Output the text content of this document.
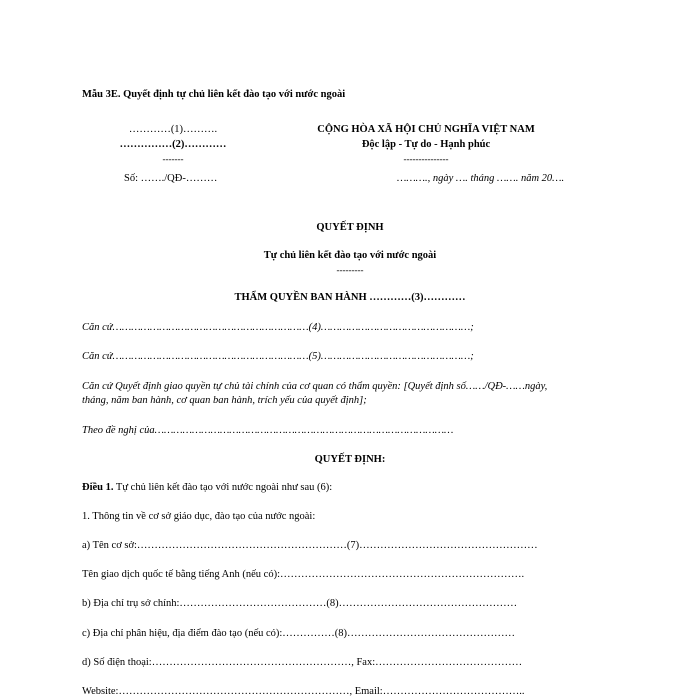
Mẫu 3E. Quyết định tự chủ liên kết đào tạo với nước ngoài
…………(1)……….
……………(2)…………
-------
Số: ……./QĐ-………
CỘNG HÒA XÃ HỘI CHỦ NGHĨA VIỆT NAM
Độc lập - Tự do - Hạnh phúc
---------------
………., ngày …. tháng ……. năm 20….
QUYẾT ĐỊNH
Tự chủ liên kết đào tạo với nước ngoài
---------
THẨM QUYỀN BAN HÀNH …………(3)…………
Căn cứ………………………………………………………(4)…………………………………………;
Căn cứ………………………………………………………(5)…………………………………………;
Căn cứ Quyết định giao quyền tự chủ tài chính của cơ quan có thẩm quyền: [Quyết định số……/QĐ-……ngày,
tháng, năm ban hành, cơ quan ban hành, trích yếu của quyết định];
Theo đề nghị của……………………………………………………………………………………
QUYẾT ĐỊNH:
Điều 1. Tự chủ liên kết đào tạo với nước ngoài như sau (6):
1. Thông tin về cơ sở giáo dục, đào tạo của nước ngoài:
a) Tên cơ sở:……………………………………………………(7)……………………………………………
Tên giao dịch quốc tế bằng tiếng Anh (nếu có):…………………………………………………………….
b) Địa chỉ trụ sở chính:……………………………………(8)……………………………………………
c) Địa chỉ phân hiệu, địa điểm đào tạo (nếu có):……………(8)…………………………………………
d) Số điện thoại:…………………………………………………, Fax:……………………………………
Website:…………………………………………………………, Email:…………………………………..
